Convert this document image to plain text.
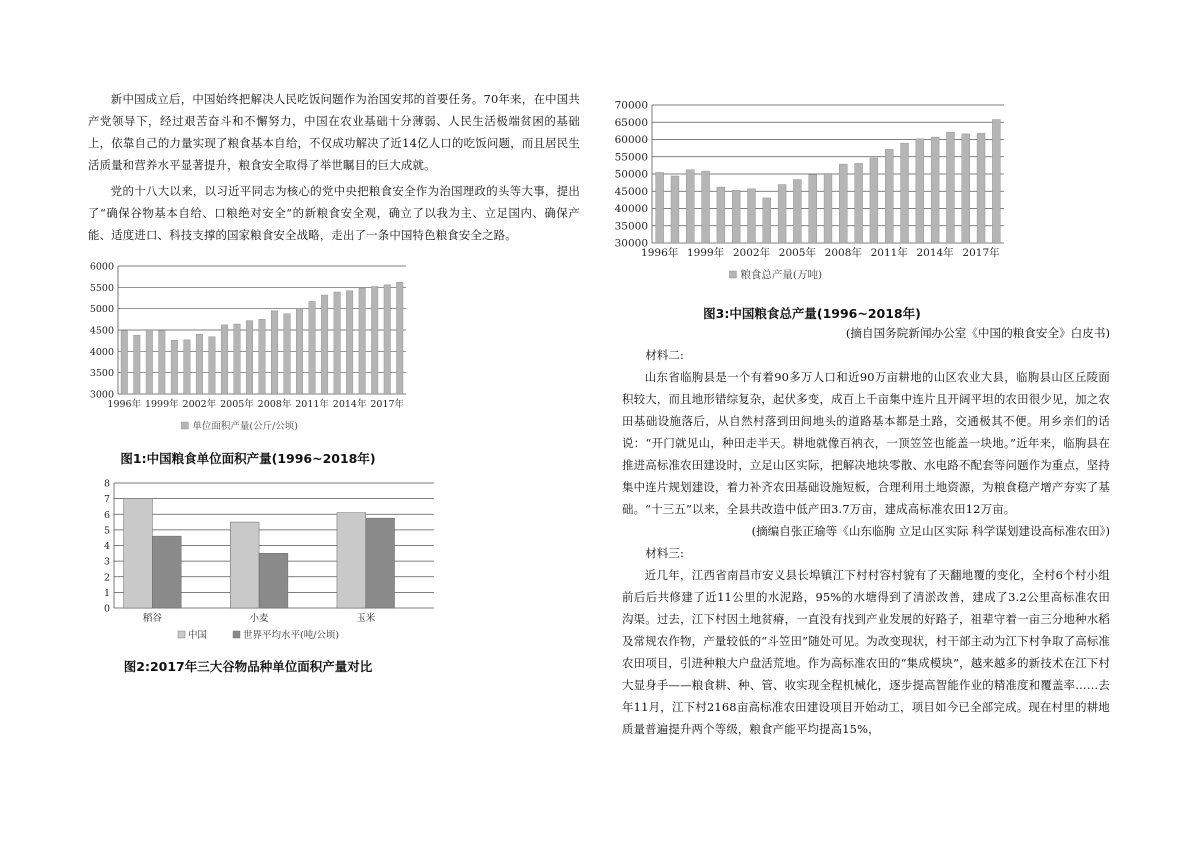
新中国成立后，中国始终把解决人民吃饭问题作为治国安邦的首要任务。70年来，在中国共产党领导下，经过艰苦奋斗和不懈努力，中国在农业基础十分薄弱、人民生活极端贫困的基础上，依靠自己的力量实现了粮食基本自给，不仅成功解决了近14亿人口的吃饭问题，而且居民生活质量和营养水平显著提升，粮食安全取得了举世瞩目的巨大成就。

党的十八大以来，以习近平同志为核心的党中央把粮食安全作为治国理政的头等大事，提出了“确保谷物基本自给、口粮绝对安全”的新粮食安全观，确立了以我为主、立足国内、确保产能、适度进口、科技支撑的国家粮食安全战略，走出了一条中国特色粮食安全之路。

3000
3500
4000
4500
5000
5500
6000
1996年 1999年 2002年 2005年 2008年 2011年 2014年 2017年
单位面积产量(公斤/公顷)
图1:中国粮食单位面积产量(1996~2018年)
0
1
2
3
4
5
6
7
8
稻谷	小麦	玉米
中国	世界平均水平(吨/公顷)
图2:2017年三大谷物品种单位面积产量对比
30000
35000
40000
45000
50000
55000
60000
65000
70000
1996年 1999年 2002年 2005年 2008年 2011年 2014年 2017年
粮食总产量(万吨)
图3:中国粮食总产量(1996~2018年)
(摘自国务院新闻办公室《中国的粮食安全》白皮书)
材料二:

山东省临朐县是一个有着90多万人口和近90万亩耕地的山区农业大县，临朐县山区丘陵面积较大，而且地形错综复杂，起伏多变，成百上千亩集中连片且开阔平坦的农田很少见，加之农田基础设施落后，从自然村落到田间地头的道路基本都是土路，交通极其不便。用乡亲们的话说：“开门就见山，种田走半天。耕地就像百衲衣，一顶笠笠也能盖一块地。”近年来，临朐县在推进高标准农田建设时，立足山区实际，把解决地块零散、水电路不配套等问题作为重点，坚持集中连片规划建设，着力补齐农田基础设施短板，合理利用土地资源，为粮食稳产增产夯实了基础。“十三五”以来，全县共改造中低产田3.7万亩，建成高标准农田12万亩。

(摘编自张正瑜等《山东临朐 立足山区实际 科学谋划建设高标准农田》)
材料三:

近几年，江西省南昌市安义县长埠镇江下村村容村貌有了天翻地覆的变化，全村6个村小组前后后共修建了近11公里的水泥路，95%的水塘得到了清淤改善，建成了3.2公里高标准农田沟渠。过去，江下村因土地贫瘠，一直没有找到产业发展的好路子，祖辈守着一亩三分地种水稻及常规农作物，产量较低的“斗笠田”随处可见。为改变现状，村干部主动为江下村争取了高标准农田项目，引进种粮大户盘活荒地。作为高标准农田的“集成模块”，越来越多的新技术在江下村大显身手——粮食耕、种、管、收实现全程机械化，逐步提高智能作业的精准度和覆盖率……去年11月，江下村2168亩高标准农田建设项目开始动工，项目如今已全部完成。现在村里的耕地质量普遍提升两个等级，粮食产能平均提高15%，
